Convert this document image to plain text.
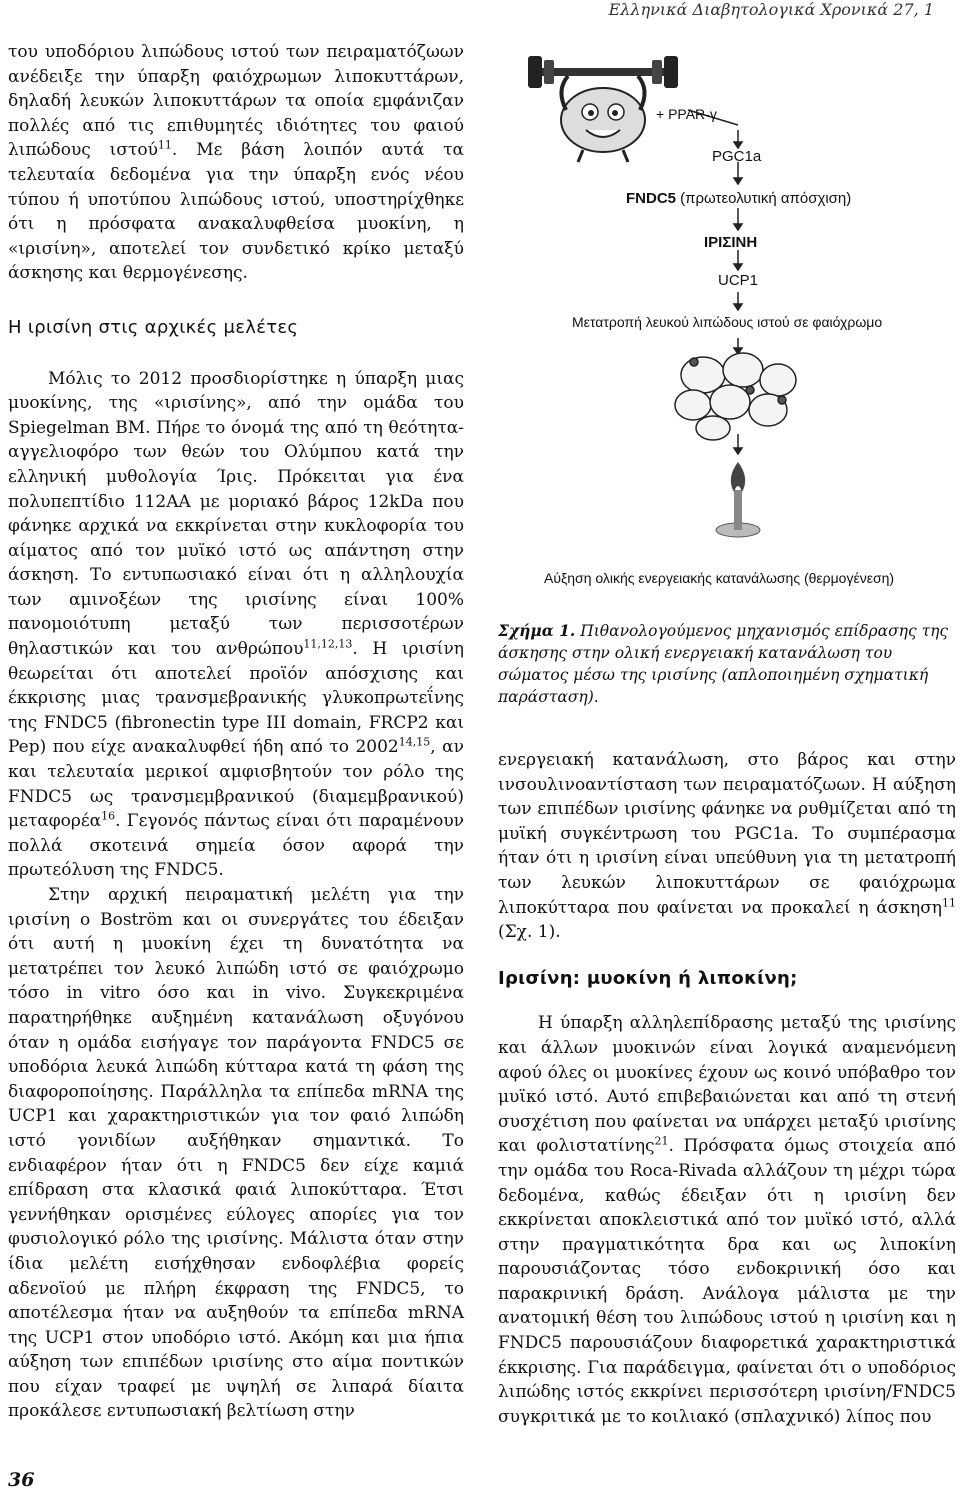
Ελληνικά Διαβητολογικά Χρονικά 27, 1

του υποδόριου λιπώδους ιστού των πειραματόζωων ανέδειξε την ύπαρξη φαιόχρωμων λιποκυττάρων, δηλαδή λευκών λιποκυττάρων τα οποία εμφάνιζαν πολλές από τις επιθυμητές ιδιότητες του φαιού λιπώδους ιστού$^{11}$. Με βάση λοιπόν αυτά τα τελευταία δεδομένα για την ύπαρξη ενός νέου τύπου ή υποτύπου λιπώδους ιστού, υποστηρίχθηκε ότι η πρόσφατα ανακαλυφθείσα μυοκίνη, η «ιρισίνη», αποτελεί τον συνδετικό κρίκο μεταξύ άσκησης και θερμογένεσης.

Η ιρισίνη στις αρχικές μελέτες

Μόλις το 2012 προσδιορίστηκε η ύπαρξη μιας μυοκίνης, της «ιρισίνης», από την ομάδα του Spiegelman BM. Πήρε το όνομά της από τη θεότητα-αγγελιοφόρο των θεών του Ολύμπου κατά την ελληνική μυθολογία Ίρις. Πρόκειται για ένα πολυπεπτίδιο 112ΑΑ με μοριακό βάρος 12kDa που φάνηκε αρχικά να εκκρίνεται στην κυκλοφορία του αίματος από τον μυϊκό ιστό ως απάντηση στην άσκηση. Το εντυπωσιακό είναι ότι η αλληλουχία των αμινοξέων της ιρισίνης είναι 100% πανομοιότυπη μεταξύ των περισσοτέρων θηλαστικών και του ανθρώπου$^{11,12,13}$. Η ιρισίνη θεωρείται ότι αποτελεί προϊόν απόσχισης και έκκρισης μιας τρανσμεβρανικής γλυκοπρωτεΐνης της FNDC5 (fibronectin type III domain, FRCP2 και Pep) που είχε ανακαλυφθεί ήδη από το 2002$^{14,15}$, αν και τελευταία μερικοί αμφισβητούν τον ρόλο της FNDC5 ως τρανσμεμβρανικού (διαμεμβρανικού) μεταφορέα$^{16}$. Γεγονός πάντως είναι ότι παραμένουν πολλά σκοτεινά σημεία όσον αφορά την πρωτεόλυση της FNDC5.

Στην αρχική πειραματική μελέτη για την ιρισίνη ο Boström και οι συνεργάτες του έδειξαν ότι αυτή η μυοκίνη έχει τη δυνατότητα να μετατρέπει τον λευκό λιπώδη ιστό σε φαιόχρωμο τόσο in vitro όσο και in vivo. Συγκεκριμένα παρατηρήθηκε αυξημένη κατανάλωση οξυγόνου όταν η ομάδα εισήγαγε τον παράγοντα FNDC5 σε υποδόρια λευκά λιπώδη κύτταρα κατά τη φάση της διαφοροποίησης. Παράλληλα τα επίπεδα mRNA της UCP1 και χαρακτηριστικών για τον φαιό λιπώδη ιστό γονιδίων αυξήθηκαν σημαντικά. Το ενδιαφέρον ήταν ότι η FNDC5 δεν είχε καμιά επίδραση στα κλασικά φαιά λιποκύτταρα. Έτσι γεννήθηκαν ορισμένες εύλογες απορίες για τον φυσιολογικό ρόλο της ιρισίνης. Μάλιστα όταν στην ίδια μελέτη εισήχθησαν ενδοφλέβια φορείς αδενοϊού με πλήρη έκφραση της FNDC5, το αποτέλεσμα ήταν να αυξηθούν τα επίπεδα mRNA της UCP1 στον υποδόριο ιστό. Ακόμη και μια ήπια αύξηση των επιπέδων ιρισίνης στο αίμα ποντικών που είχαν τραφεί με υψηλή σε λιπαρά δίαιτα προκάλεσε εντυπωσιακή βελτίωση στην

+ PPAR-γ
PGC1a
FNDC5 (πρωτεολυτική απόσχιση)
ΙΡΙΣΙΝΗ
UCP1
Μετατροπή λευκού λιπώδους ιστού σε φαιόχρωμο
Αύξηση ολικής ενεργειακής κατανάλωσης (θερμογένεση)
Σχήμα 1. Πιθανολογούμενος μηχανισμός επίδρασης της άσκησης στην ολική ενεργειακή κατανάλωση του σώματος μέσω της ιρισίνης (απλοποιημένη σχηματική παράσταση).

ενεργειακή κατανάλωση, στο βάρος και στην ινσουλινοαντίσταση των πειραματόζωων. Η αύξηση των επιπέδων ιρισίνης φάνηκε να ρυθμίζεται από τη μυϊκή συγκέντρωση του PGC1a. Το συμπέρασμα ήταν ότι η ιρισίνη είναι υπεύθυνη για τη μετατροπή των λευκών λιποκυττάρων σε φαιόχρωμα λιποκύτταρα που φαίνεται να προκαλεί η άσκηση$^{11}$ (Σχ. 1).

Ιρισίνη: μυοκίνη ή λιποκίνη;

Η ύπαρξη αλληλεπίδρασης μεταξύ της ιρισίνης και άλλων μυοκινών είναι λογικά αναμενόμενη αφού όλες οι μυοκίνες έχουν ως κοινό υπόβαθρο τον μυϊκό ιστό. Αυτό επιβεβαιώνεται και από τη στενή συσχέτιση που φαίνεται να υπάρχει μεταξύ ιρισίνης και φολιστατίνης$^{21}$. Πρόσφατα όμως στοιχεία από την ομάδα του Roca-Rivada αλλάζουν τη μέχρι τώρα δεδομένα, καθώς έδειξαν ότι η ιρισίνη δεν εκκρίνεται αποκλειστικά από τον μυϊκό ιστό, αλλά στην πραγματικότητα δρα και ως λιποκίνη παρουσιάζοντας τόσο ενδοκρινική όσο και παρακρινική δράση. Ανάλογα μάλιστα με την ανατομική θέση του λιπώδους ιστού η ιρισίνη και η FNDC5 παρουσιάζουν διαφορετικά χαρακτηριστικά έκκρισης. Για παράδειγμα, φαίνεται ότι ο υποδόριος λιπώδης ιστός εκκρίνει περισσότερη ιρισίνη/FNDC5 συγκριτικά με το κοιλιακό (σπλαχνικό) λίπος που

36
